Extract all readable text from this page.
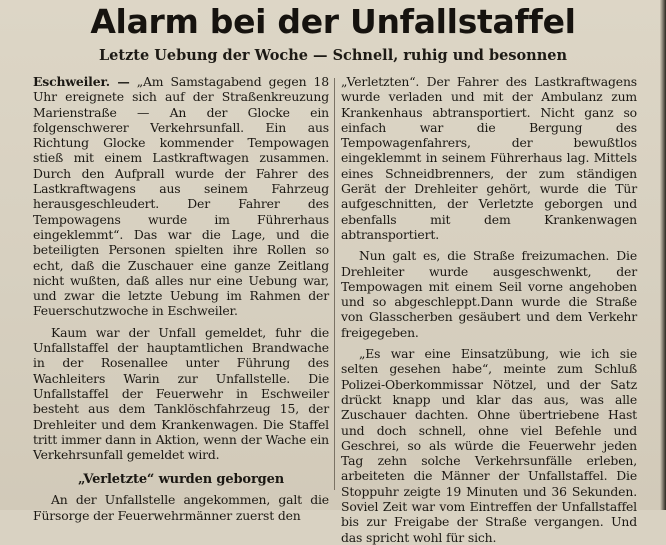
Alarm bei der Unfallstaffel
Letzte Uebung der Woche — Schnell, ruhig und besonnen

Eschweiler. — „Am Samstagabend gegen 18 Uhr ereignete sich auf der Straßenkreuzung Marienstraße — An der Glocke ein folgenschwerer Verkehrsunfall. Ein aus Richtung Glocke kommender Tempowagen stieß mit einem Lastkraftwagen zusammen. Durch den Aufprall wurde der Fahrer des Lastkraftwagens aus seinem Fahrzeug herausgeschleudert. Der Fahrer des Tempowagens wurde im Führerhaus eingeklemmt“. Das war die Lage, und die beteiligten Personen spielten ihre Rollen so echt, daß die Zuschauer eine ganze Zeitlang nicht wußten, daß alles nur eine Uebung war, und zwar die letzte Uebung im Rahmen der Feuerschutzwoche in Eschweiler.

Kaum war der Unfall gemeldet, fuhr die Unfallstaffel der hauptamtlichen Brandwache in der Rosenallee unter Führung des Wachleiters Warin zur Unfallstelle. Die Unfallstaffel der Feuerwehr in Eschweiler besteht aus dem Tanklöschfahrzeug 15, der Drehleiter und dem Krankenwagen. Die Staffel tritt immer dann in Aktion, wenn der Wache ein Verkehrsunfall gemeldet wird.

„Verletzte“ wurden geborgen

An der Unfallstelle angekommen, galt die Fürsorge der Feuerwehrmänner zuerst den

„Verletzten“. Der Fahrer des Lastkraftwagens wurde verladen und mit der Ambulanz zum Krankenhaus abtransportiert. Nicht ganz so einfach war die Bergung des Tempowagenfahrers, der bewußtlos eingeklemmt in seinem Führerhaus lag. Mittels eines Schneidbrenners, der zum ständigen Gerät der Drehleiter gehört, wurde die Tür aufgeschnitten, der Verletzte geborgen und ebenfalls mit dem Krankenwagen abtransportiert.

Nun galt es, die Straße freizumachen. Die Drehleiter wurde ausgeschwenkt, der Tempowagen mit einem Seil vorne angehoben und so abgeschleppt.Dann wurde die Straße von Glasscherben gesäubert und dem Verkehr freigegeben.

„Es war eine Einsatzübung, wie ich sie selten gesehen habe“, meinte zum Schluß Polizei-Oberkommissar Nötzel, und der Satz drückt knapp und klar das aus, was alle Zuschauer dachten. Ohne übertriebene Hast und doch schnell, ohne viel Befehle und Geschrei, so als würde die Feuerwehr jeden Tag zehn solche Verkehrsunfälle erleben, arbeiteten die Männer der Unfallstaffel. Die Stoppuhr zeigte 19 Minuten und 36 Sekunden. Soviel Zeit war vom Eintreffen der Unfallstaffel bis zur Freigabe der Straße vergangen. Und das spricht wohl für sich.
